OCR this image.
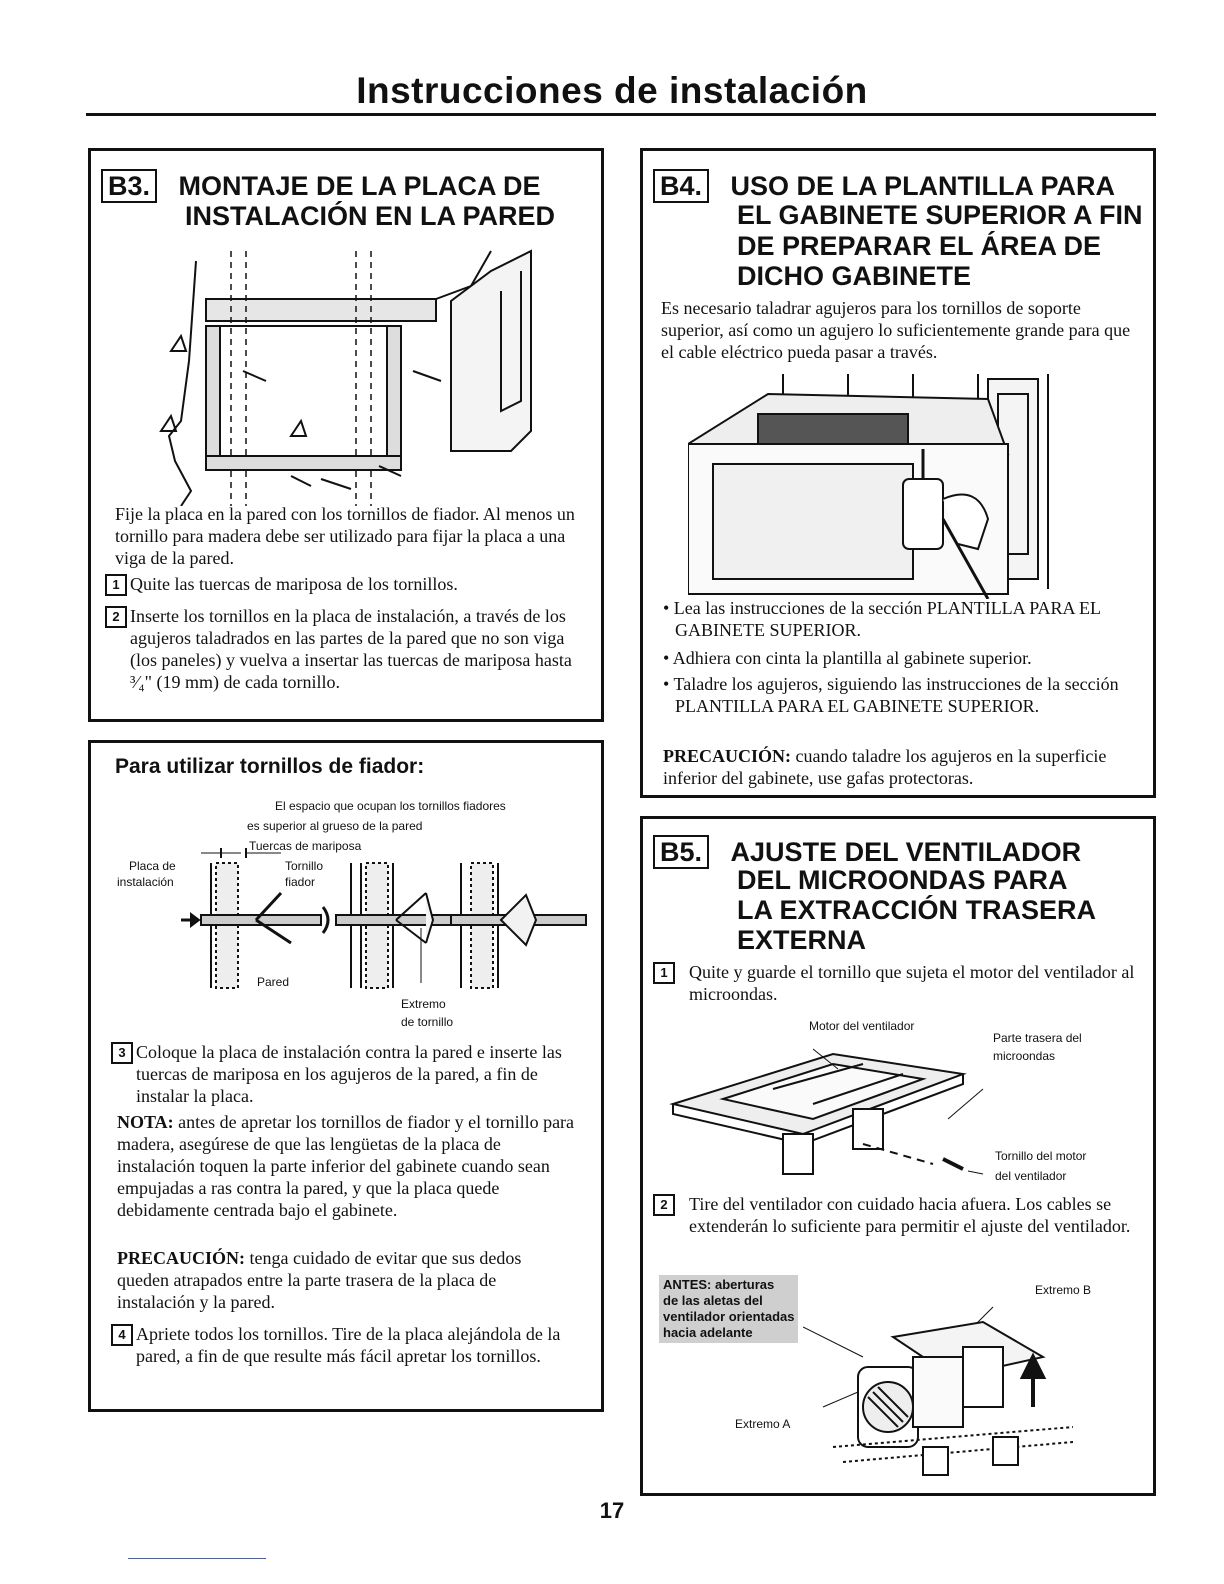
Instrucciones de instalación
B3. MONTAJE DE LA PLACA DE
INSTALACIÓN EN LA PARED
Fije la placa en la pared con los tornillos de fiador. Al menos un tornillo para madera debe ser utilizado para fijar la placa a una viga de la pared.
1 Quite las tuercas de mariposa de los tornillos.
2 Inserte los tornillos en la placa de instalación, a través de los agujeros taladrados en las partes de la pared que no son viga (los paneles) y vuelva a insertar las tuercas de mariposa hasta ³⁄₄" (19 mm) de cada tornillo.
Para utilizar tornillos de fiador:
El espacio que ocupan los tornillos fiadores
es superior al grueso de la pared
Tuercas de mariposa
Placa de
instalación
Tornillo
fiador
Pared
Extremo
de tornillo
3 Coloque la placa de instalación contra la pared e inserte las tuercas de mariposa en los agujeros de la pared, a fin de instalar la placa.
NOTA: antes de apretar los tornillos de fiador y el tornillo para madera, asegúrese de que las lengüetas de la placa de instalación toquen la parte inferior del gabinete cuando sean empujadas a ras contra la pared, y que la placa quede debidamente centrada bajo el gabinete.
PRECAUCIÓN: tenga cuidado de evitar que sus dedos queden atrapados entre la parte trasera de la placa de instalación y la pared.
4 Apriete todos los tornillos. Tire de la placa alejándola de la pared, a fin de que resulte más fácil apretar los tornillos.
B4. USO DE LA PLANTILLA PARA
EL GABINETE SUPERIOR A FIN
DE PREPARAR EL ÁREA DE
DICHO GABINETE
Es necesario taladrar agujeros para los tornillos de soporte superior, así como un agujero lo suficientemente grande para que el cable eléctrico pueda pasar a través.
• Lea las instrucciones de la sección PLANTILLA PARA EL GABINETE SUPERIOR.
• Adhiera con cinta la plantilla al gabinete superior.
• Taladre los agujeros, siguiendo las instrucciones de la sección PLANTILLA PARA EL GABINETE SUPERIOR.
PRECAUCIÓN: cuando taladre los agujeros en la superficie inferior del gabinete, use gafas protectoras.
B5. AJUSTE DEL VENTILADOR
DEL MICROONDAS PARA
LA EXTRACCIÓN TRASERA
EXTERNA
1	Quite y guarde el tornillo que sujeta el motor del ventilador al microondas.
Motor del ventilador
Parte trasera del
microondas
Tornillo del motor
del ventilador
2	Tire del ventilador con cuidado hacia afuera. Los cables se extenderán lo suficiente para permitir el ajuste del ventilador.
ANTES: aberturas
de las aletas del
ventilador orientadas
hacia adelante
Extremo B
Extremo A
17
